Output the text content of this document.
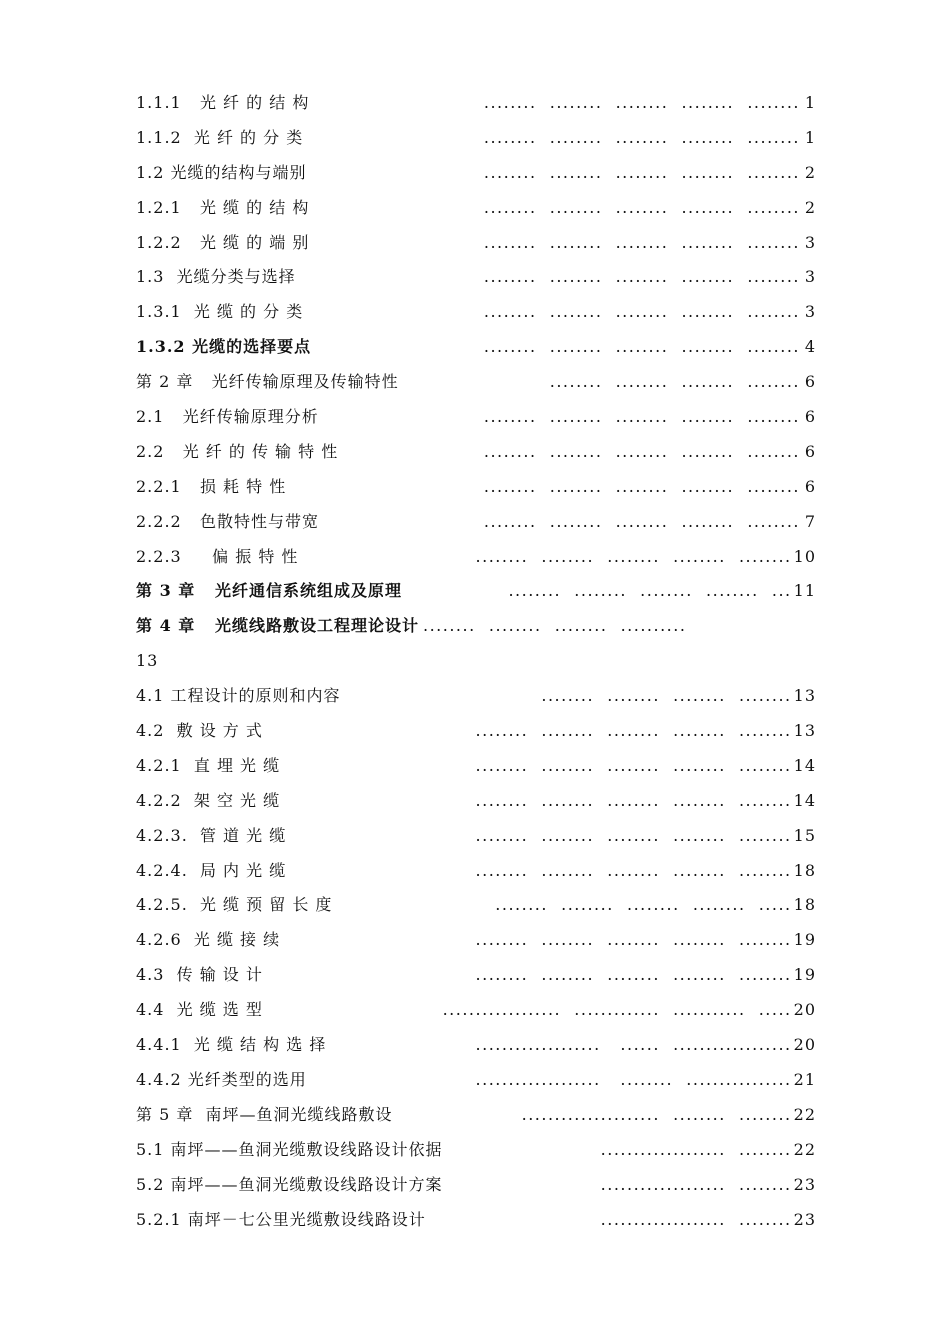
1.1.1   光 纤 的 结 构	........  ........  ........  ........  ........ 1
1.1.2  光 纤 的 分 类	........  ........  ........  ........  ........ 1
1.2 光缆的结构与端别	........  ........  ........  ........  ........ 2
1.2.1   光 缆 的 结 构	........  ........  ........  ........  ........ 2
1.2.2   光 缆 的 端 别	........  ........  ........  ........  ........ 3
1.3  光缆分类与选择	........  ........  ........  ........  ........ 3
1.3.1  光 缆 的 分 类	........  ........  ........  ........  ........ 3
1.3.2 光缆的选择要点	........  ........  ........  ........  ........ 4
第 2 章   光纤传输原理及传输特性	........  ........  ........  ........ 6
2.1   光纤传输原理分析	........  ........  ........  ........  ........ 6
2.2   光 纤 的 传 输 特 性	........  ........  ........  ........  ........ 6
2.2.1   损 耗 特 性	........  ........  ........  ........  ........ 6
2.2.2   色散特性与带宽	........  ........  ........  ........  ........ 7
2.2.3     偏 振 特 性	........  ........  ........  ........  ........ 10
第 3 章   光纤通信系统组成及原理	........  ........  ........  ........  ... 11
第 4 章   光缆线路敷设工程理论设计 ........  ........  ........  ..........
13
4.1 工程设计的原则和内容	........  ........  ........  ........ 13
4.2  敷 设 方 式	........  ........  ........  ........  ........ 13
4.2.1  直 埋 光 缆	........  ........  ........  ........  ........ 14
4.2.2  架 空 光 缆	........  ........  ........  ........  ........ 14
4.2.3.  管 道 光 缆	........  ........  ........  ........  ........ 15
4.2.4.  局 内 光 缆	........  ........  ........  ........  ........ 18
4.2.5.  光 缆 预 留 长 度	........  ........  ........  ........  ..... 18
4.2.6  光 缆 接 续	........  ........  ........  ........  ........ 19
4.3  传 输 设 计	........  ........  ........  ........  ........ 19
4.4  光 缆 选 型	..................  .............  ...........  ..... 20
4.4.1  光 缆 结 构 选 择	...................   ......  .................. 20
4.4.2 光纤类型的选用	...................   ........  ................ 21
第 5 章  南坪—鱼洞光缆线路敷设	.....................  ........  ........ 22
5.1 南坪——鱼洞光缆敷设线路设计依据	...................  ........ 22
5.2 南坪——鱼洞光缆敷设线路设计方案	...................  ........ 23
5.2.1 南坪－七公里光缆敷设线路设计	...................  ........ 23
